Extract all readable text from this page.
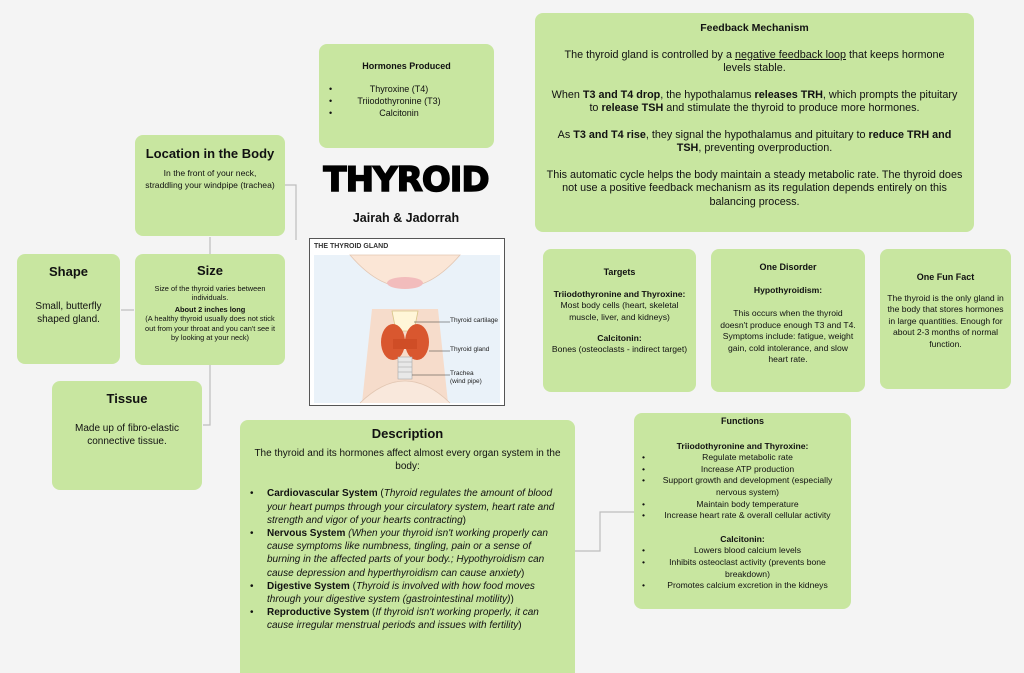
Hormones Produced
• Thyroxine (T4)
• Triiodothyronine (T3)
• Calcitonin
Feedback Mechanism
The thyroid gland is controlled by a negative feedback loop that keeps hormone levels stable.
When T3 and T4 drop, the hypothalamus releases TRH, which prompts the pituitary to release TSH and stimulate the thyroid to produce more hormones.
As T3 and T4 rise, they signal the hypothalamus and pituitary to reduce TRH and TSH, preventing overproduction.
This automatic cycle helps the body maintain a steady metabolic rate. The thyroid does not use a positive feedback mechanism as its regulation depends entirely on this balancing process.
THYROID
Jairah & Jadorrah
Location in the Body
In the front of your neck, straddling your windpipe (trachea)
Shape
Small, butterfly shaped gland.
Size
Size of the thyroid varies between individuals.
About 2 inches long
(A healthy thyroid usually does not stick out from your throat and you can't see it by looking at your neck)
Tissue
Made up of fibro-elastic connective tissue.
THE THYROID GLAND
Thyroid cartilage
Thyroid gland
Trachea
(wind pipe)
Targets
Triiodothyronine and Thyroxine:
Most body cells (heart, skeletal muscle, liver, and kidneys)
Calcitonin:
Bones (osteoclasts - indirect target)
One Disorder
Hypothyroidism:
This occurs when the thyroid doesn't produce enough T3 and T4. Symptoms include: fatigue, weight gain, cold intolerance, and slow heart rate.
One Fun Fact
The thyroid is the only gland in the body that stores hormones in large quantities. Enough for about 2-3 months of normal function.
Description
The thyroid and its hormones affect almost every organ system in the body:
• Cardiovascular System (Thyroid regulates the amount of blood your heart pumps through your circulatory system, heart rate and strength and vigor of your hearts contracting)
• Nervous System (When your thyroid isn't working properly can cause symptoms like numbness, tingling, pain or a sense of burning in the affected parts of your body.; Hypothyroidism can cause depression and hyperthyroidism can cause anxiety)
• Digestive System (Thyroid is involved with how food moves through your digestive system (gastrointestinal motility))
• Reproductive System (If thyroid isn't working properly, it can cause irregular menstrual periods and issues with fertility)
Functions
Triiodothyronine and Thyroxine:
• Regulate metabolic rate
• Increase ATP production
• Support growth and development (especially nervous system)
• Maintain body temperature
• Increase heart rate & overall cellular activity
Calcitonin:
• Lowers blood calcium levels
• Inhibits osteoclast activity (prevents bone breakdown)
• Promotes calcium excretion in the kidneys
